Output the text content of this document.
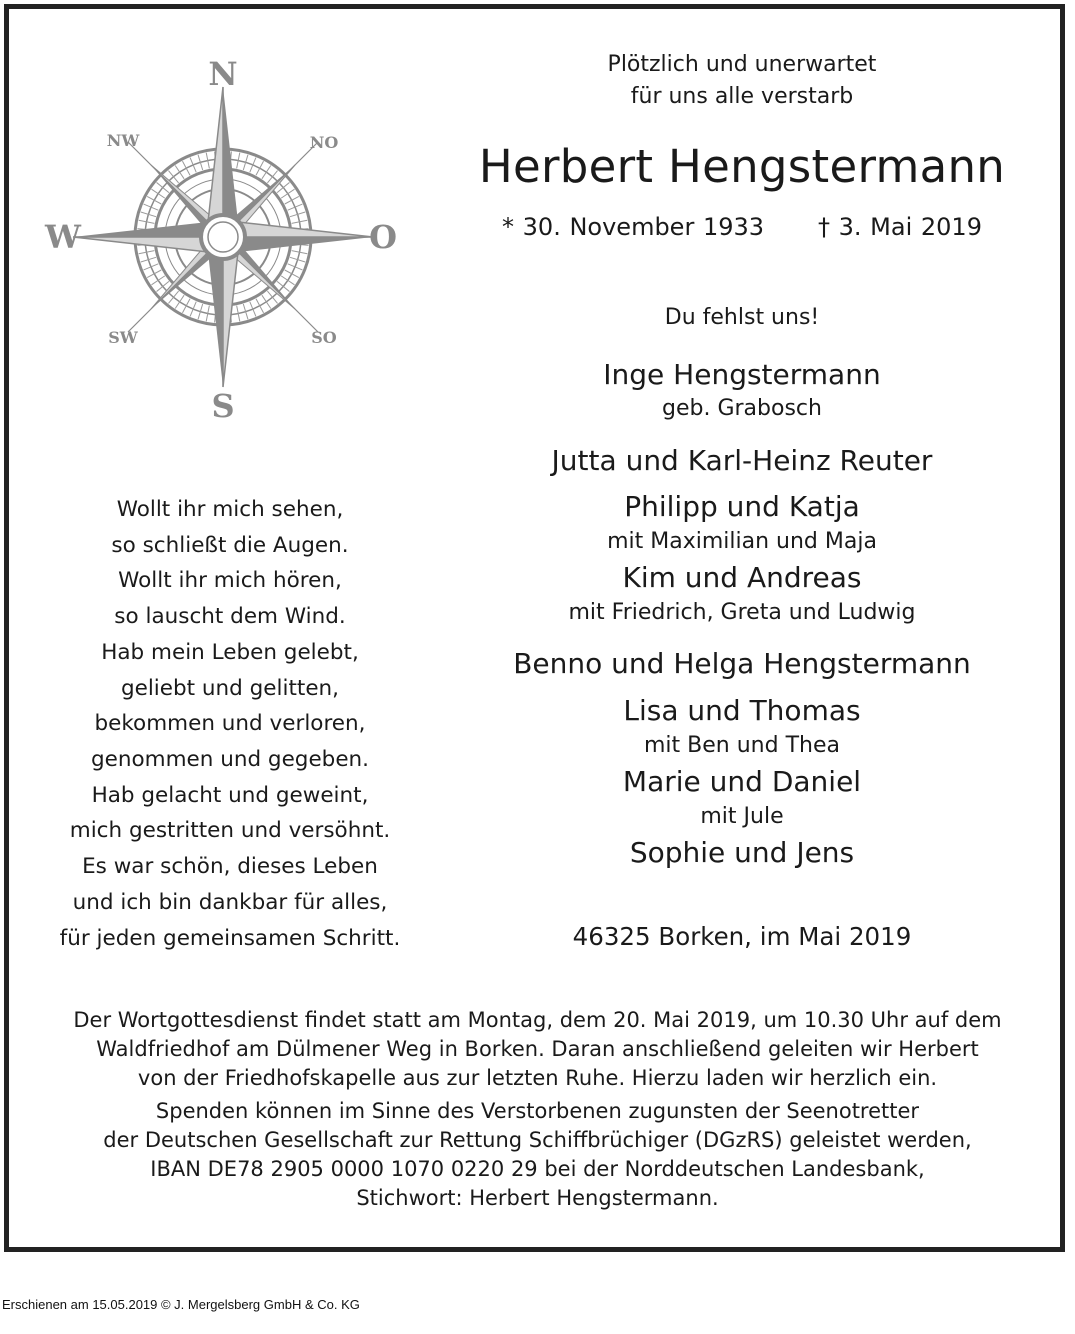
N
S
W	O
NW	NO
SW	SO
Plötzlich und unerwartet
für uns alle verstarb
Herbert Hengstermann
* 30. November 1933 † 3. Mai 2019
Du fehlst uns!
Inge Hengstermann
geb. Grabosch
Jutta und Karl-Heinz Reuter
Philipp und Katja
mit Maximilian und Maja
Kim und Andreas
mit Friedrich, Greta und Ludwig
Benno und Helga Hengstermann
Lisa und Thomas
mit Ben und Thea
Marie und Daniel
mit Jule
Sophie und Jens
46325 Borken, im Mai 2019
Wollt ihr mich sehen,
so schließt die Augen.
Wollt ihr mich hören,
so lauscht dem Wind.
Hab mein Leben gelebt,
geliebt und gelitten,
bekommen und verloren,
genommen und gegeben.
Hab gelacht und geweint,
mich gestritten und versöhnt.
Es war schön, dieses Leben
und ich bin dankbar für alles,
für jeden gemeinsamen Schritt.
Der Wortgottesdienst findet statt am Montag, dem 20. Mai 2019, um 10.30 Uhr auf dem
Waldfriedhof am Dülmener Weg in Borken. Daran anschließend geleiten wir Herbert
von der Friedhofskapelle aus zur letzten Ruhe. Hierzu laden wir herzlich ein.
Spenden können im Sinne des Verstorbenen zugunsten der Seenotretter
der Deutschen Gesellschaft zur Rettung Schiffbrüchiger (DGzRS) geleistet werden,
IBAN DE78 2905 0000 1070 0220 29 bei der Norddeutschen Landesbank,
Stichwort: Herbert Hengstermann.
Erschienen am 15.05.2019 © J. Mergelsberg GmbH & Co. KG
